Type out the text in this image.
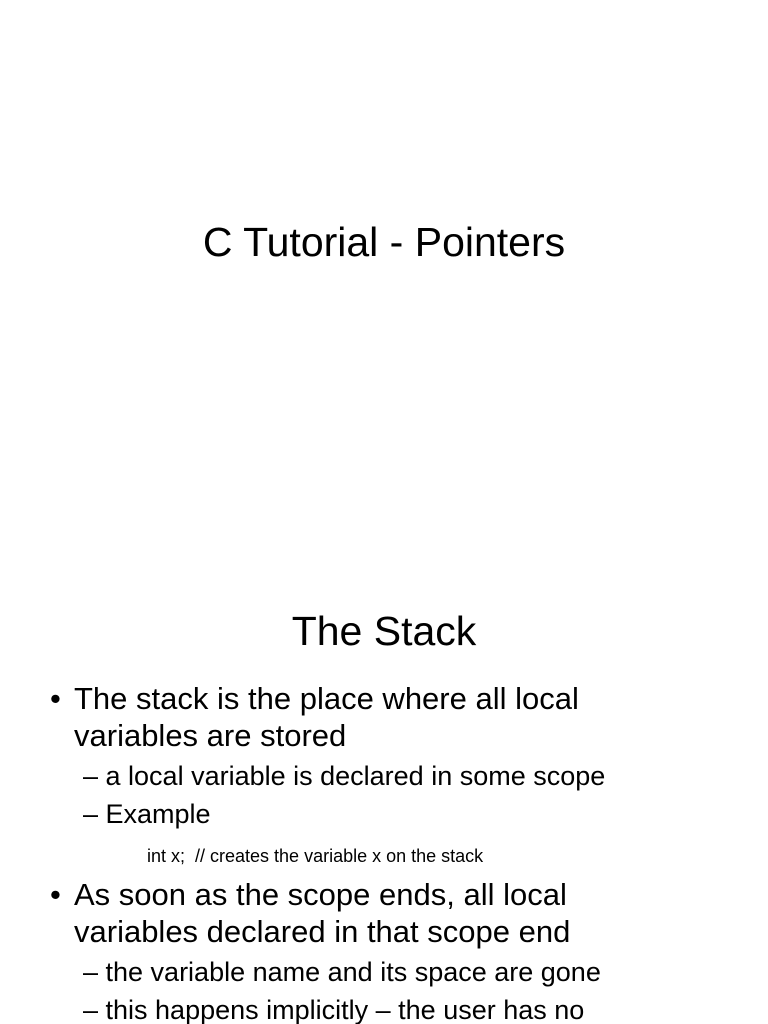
C Tutorial - Pointers
The Stack
• The stack is the place where all local
variables are stored
– a local variable is declared in some scope
– Example
int x;  // creates the variable x on the stack
• As soon as the scope ends, all local
variables declared in that scope end
– the variable name and its space are gone
– this happens implicitly – the user has no
